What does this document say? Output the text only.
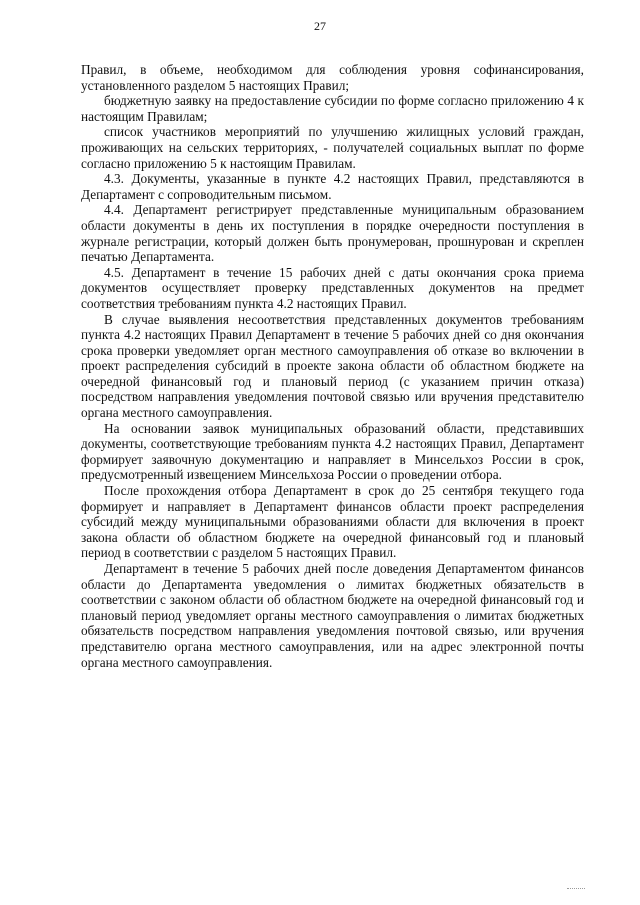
27

Правил, в объеме, необходимом для соблюдения уровня софинансирования, установленного разделом 5 настоящих Правил;

бюджетную заявку на предоставление субсидии по форме согласно приложению 4 к настоящим Правилам;

список участников мероприятий по улучшению жилищных условий граждан, проживающих на сельских территориях, - получателей социальных выплат по форме согласно приложению 5 к настоящим Правилам.

4.3. Документы, указанные в пункте 4.2 настоящих Правил, представляются в Департамент с сопроводительным письмом.

4.4. Департамент регистрирует представленные муниципальным образованием области документы в день их поступления в порядке очередности поступления в журнале регистрации, который должен быть пронумерован, прошнурован и скреплен печатью Департамента.

4.5. Департамент в течение 15 рабочих дней с даты окончания срока приема документов осуществляет проверку представленных документов на предмет соответствия требованиям пункта 4.2 настоящих Правил.

В случае выявления несоответствия представленных документов требованиям пункта 4.2 настоящих Правил Департамент в течение 5 рабочих дней со дня окончания срока проверки уведомляет орган местного самоуправления об отказе во включении в проект распределения субсидий в проекте закона области об областном бюджете на очередной финансовый год и плановый период (с указанием причин отказа) посредством направления уведомления почтовой связью или вручения представителю органа местного самоуправления.

На основании заявок муниципальных образований области, представивших документы, соответствующие требованиям пункта 4.2 настоящих Правил, Департамент формирует заявочную документацию и направляет в Минсельхоз России в срок, предусмотренный извещением Минсельхоза России о проведении отбора.

После прохождения отбора Департамент в срок до 25 сентября текущего года формирует и направляет в Департамент финансов области проект распределения субсидий между муниципальными образованиями области для включения в проект закона области об областном бюджете на очередной финансовый год и плановый период в соответствии с разделом 5 настоящих Правил.

Департамент в течение 5 рабочих дней после доведения Департаментом финансов области до Департамента уведомления о лимитах бюджетных обязательств в соответствии с законом области об областном бюджете на очередной финансовый год и плановый период уведомляет органы местного самоуправления о лимитах бюджетных обязательств посредством направления уведомления почтовой связью, или вручения представителю органа местного самоуправления, или на адрес электронной почты органа местного самоуправления.
